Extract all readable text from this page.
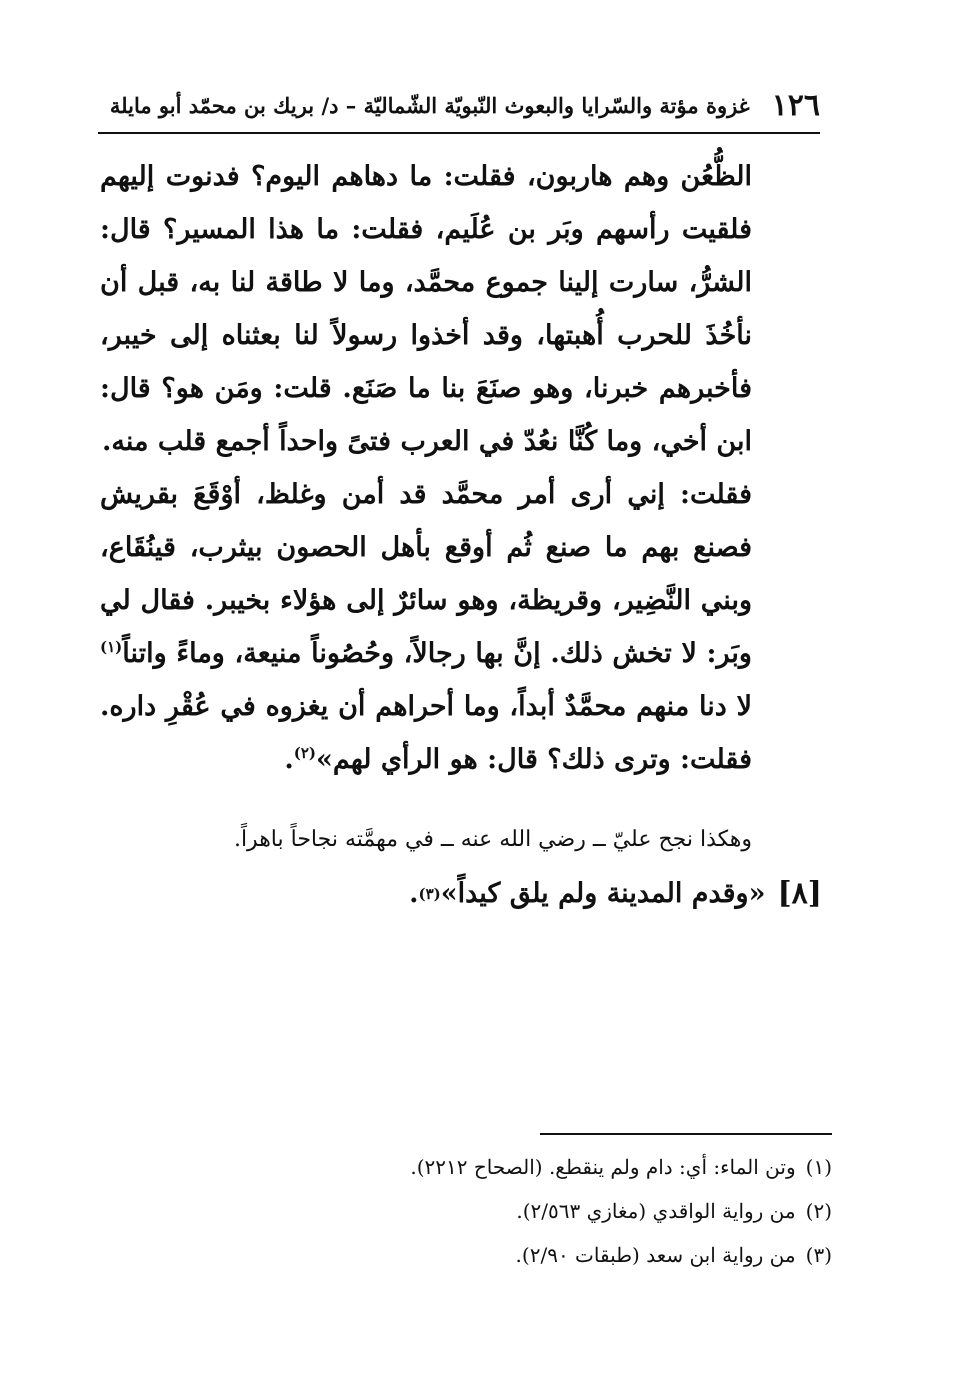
١٢٦
غزوة مؤتة والسّرايا والبعوث النّبويّة الشّماليّة – د/ بريك بن محمّد أبو مايلة

الظُّعُن وهم هاربون، فقلت: ما دهاهم اليوم؟ فدنوت إليهم فلقيت رأسهم وبَر بن عُلَيم، فقلت: ما هذا المسير؟ قال: الشرُّ، سارت إلينا جموع محمَّد، وما لا طاقة لنا به، قبل أن نأخُذَ للحرب أُهبتها، وقد أخذوا رسولاً لنا بعثناه إلى خيبر، فأخبرهم خبرنا، وهو صنَعَ بنا ما صَنَع. قلت: ومَن هو؟ قال: ابن أخي، وما كُنَّا نعُدّ في العرب فتىً واحداً أجمع قلب منه.

فقلت: إني أرى أمر محمَّد قد أمن وغلظ، أوْقَعَ بقريش فصنع بهم ما صنع ثُم أوقع بأهل الحصون بيثرب، قينُقَاع، وبني النَّضِير، وقريظة، وهو سائرٌ إلى هؤلاء بخيبر. فقال لي وبَر: لا تخش ذلك. إنَّ بها رجالاً، وحُصُوناً منيعة، وماءً واتناً$^{(١)}$ لا دنا منهم محمَّدٌ أبداً، وما أحراهم أن يغزوه في عُقْرِ داره. فقلت: وترى ذلك؟ قال: هو الرأي لهم»$^{(٢)}$.

وهكذا نجح عليّ ــ رضي الله عنه ــ في مهمَّته نجاحاً باهراً.
[٨]
«وقدم المدينة ولم يلق كيداً»
(٣)
.
(١)
وتن الماء: أي: دام ولم ينقطع. (الصحاح ٢٢١٢).
(٢)
من رواية الواقدي (مغازي ٢/٥٦٣).
(٣)
من رواية ابن سعد (طبقات ٢/٩٠).
